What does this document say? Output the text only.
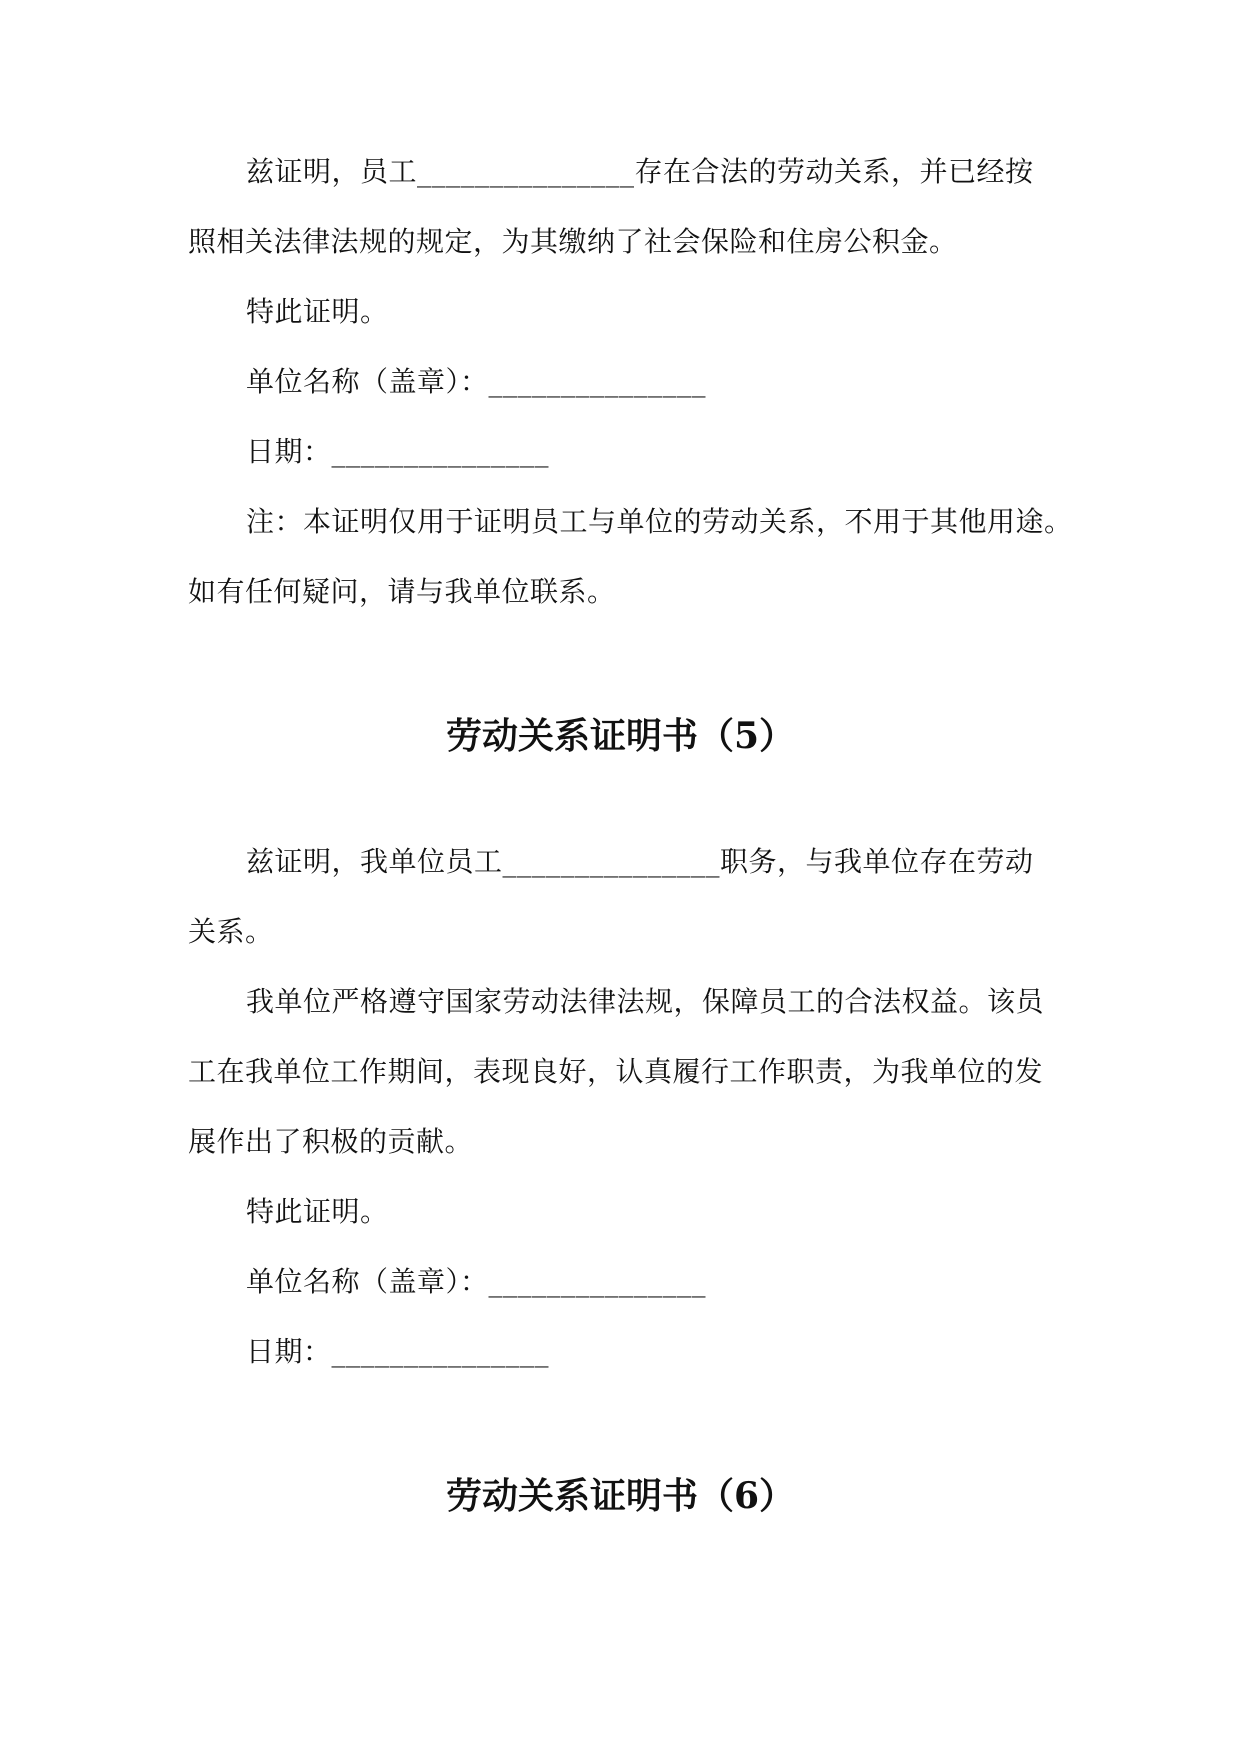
兹证明，员工_______________存在合法的劳动关系，并已经按
照相关法律法规的规定，为其缴纳了社会保险和住房公积金。
特此证明。
单位名称（盖章）：_______________
日期：_______________
注：本证明仅用于证明员工与单位的劳动关系，不用于其他用途。
如有任何疑问，请与我单位联系。
劳动关系证明书（5）
兹证明，我单位员工_______________职务，与我单位存在劳动
关系。
我单位严格遵守国家劳动法律法规，保障员工的合法权益。该员
工在我单位工作期间，表现良好，认真履行工作职责，为我单位的发
展作出了积极的贡献。
特此证明。
单位名称（盖章）：_______________
日期：_______________
劳动关系证明书（6）
